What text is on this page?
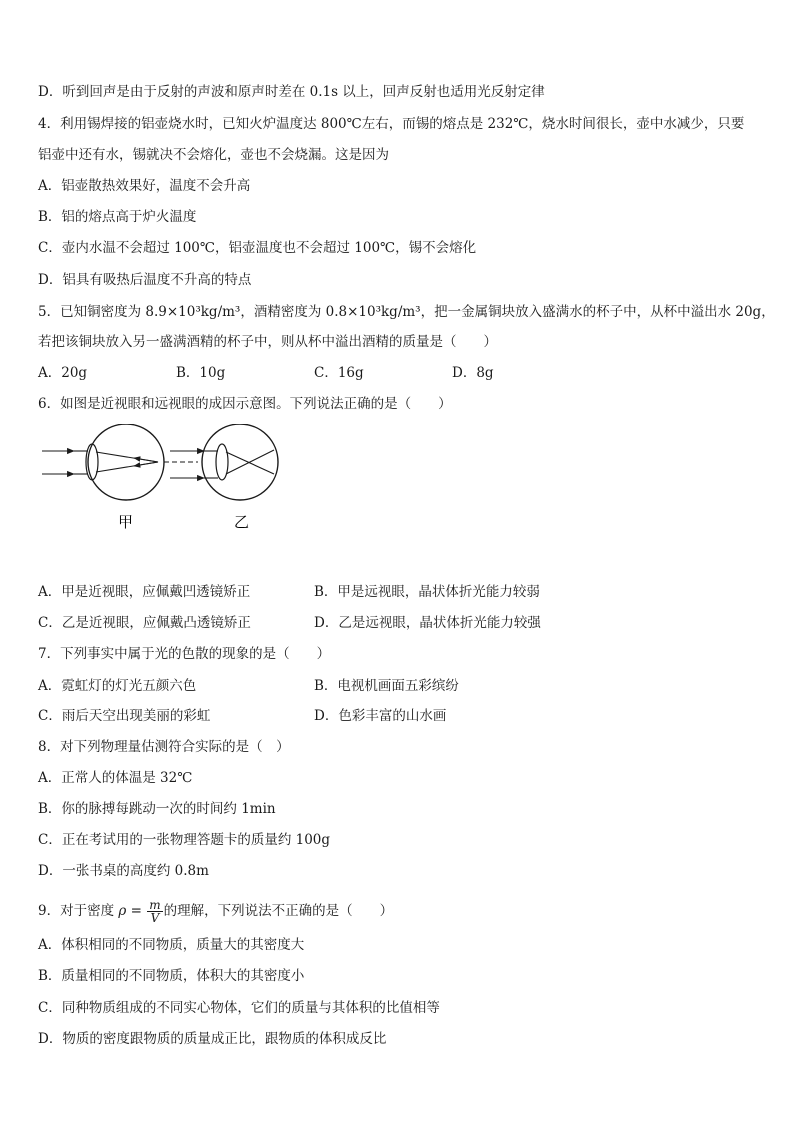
D．听到回声是由于反射的声波和原声时差在 0.1s 以上，回声反射也适用光反射定律
4．利用锡焊接的铝壶烧水时，已知火炉温度达 800℃左右，而锡的熔点是 232℃，烧水时间很长，壶中水减少，只要
铝壶中还有水，锡就决不会熔化，壶也不会烧漏。这是因为
A．铝壶散热效果好，温度不会升高
B．铝的熔点高于炉火温度
C．壶内水温不会超过 100℃，铝壶温度也不会超过 100℃，锡不会熔化
D．铝具有吸热后温度不升高的特点
5．已知铜密度为 8.9×10³kg/m³，酒精密度为 0.8×10³kg/m³，把一金属铜块放入盛满水的杯子中，从杯中溢出水 20g，
若把该铜块放入另一盛满酒精的杯子中，则从杯中溢出酒精的质量是（　　）
A．20g	B．10g	C．16g	D．8g
6．如图是近视眼和远视眼的成因示意图。下列说法正确的是（　　）
甲	乙
A．甲是近视眼，应佩戴凹透镜矫正	B．甲是远视眼，晶状体折光能力较弱
C．乙是近视眼，应佩戴凸透镜矫正	D．乙是远视眼，晶状体折光能力较强
7．下列事实中属于光的色散的现象的是（　　）
A．霓虹灯的灯光五颜六色	B．电视机画面五彩缤纷
C．雨后天空出现美丽的彩虹	D．色彩丰富的山水画
8．对下列物理量估测符合实际的是（　）
A．正常人的体温是 32℃
B．你的脉搏每跳动一次的时间约 1min
C．正在考试用的一张物理答题卡的质量约 100g
D．一张书桌的高度约 0.8m
9．对于密度 $\rho = \frac{m}{V}$ 的理解，下列说法不正确的是（　　）
A．体积相同的不同物质，质量大的其密度大
B．质量相同的不同物质，体积大的其密度小
C．同种物质组成的不同实心物体，它们的质量与其体积的比值相等
D．物质的密度跟物质的质量成正比，跟物质的体积成反比
